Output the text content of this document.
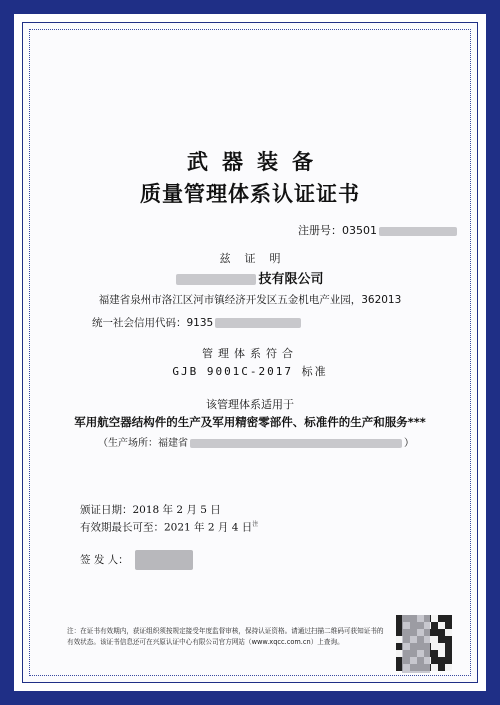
武器装备
质量管理体系认证证书
注册号：03501
兹证明
技有限公司
福建省泉州市洛江区河市镇经济开发区五金机电产业园，362013
统一社会信用代码：9135
管理体系符合
GJB 9001C-2017 标准
该管理体系适用于
军用航空器结构件的生产及军用精密零部件、标准件的生产和服务***
（生产场所：福建省	）
颁证日期：2018 年 2 月 5 日
有效期最长可至：2021 年 2 月 4 日$^注$
签 发 人：
注：在证书有效期内，获证组织须按规定接受年度监督审核，保持认证资格。请通过扫描二维码可获知证书的有效状态。该证书信息还可在兴原认证中心有限公司官方网站（www.xqcc.com.cn）上查询。
